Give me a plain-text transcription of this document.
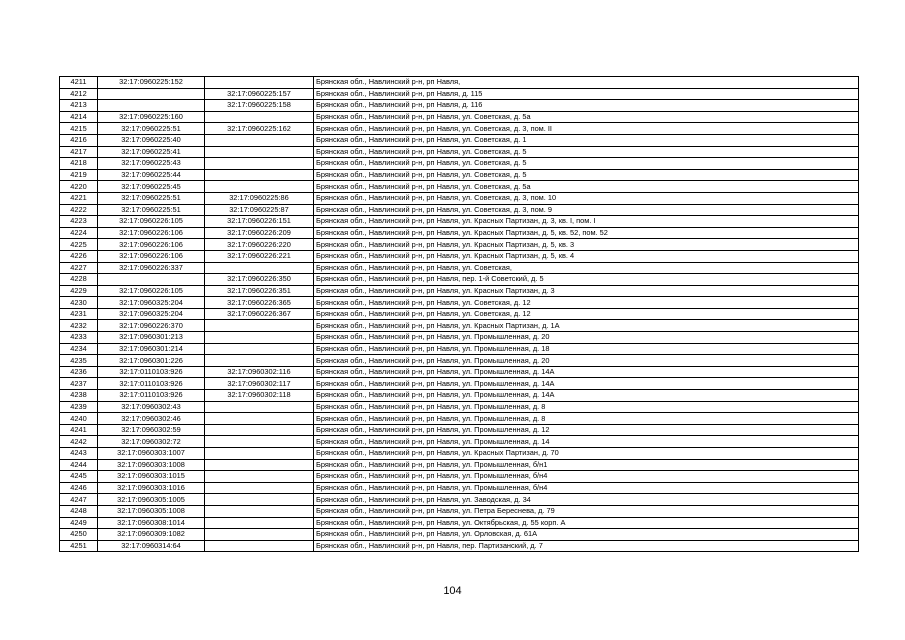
4211	32:17:0960225:152		Брянская обл., Навлинский р-н, рп Навля,
4212		32:17:0960225:157	Брянская обл., Навлинский р-н, рп Навля, д. 115
4213		32:17:0960225:158	Брянская обл., Навлинский р-н, рп Навля, д. 116
4214	32:17:0960225:160		Брянская обл., Навлинский р-н, рп Навля, ул. Советская, д. 5а
4215	32:17:0960225:51	32:17:0960225:162	Брянская обл., Навлинский р-н, рп Навля, ул. Советская, д. 3, пом. II
4216	32:17:0960225:40		Брянская обл., Навлинский р-н, рп Навля, ул. Советская, д. 1
4217	32:17:0960225:41		Брянская обл., Навлинский р-н, рп Навля, ул. Советская, д. 5
4218	32:17:0960225:43		Брянская обл., Навлинский р-н, рп Навля, ул. Советская, д. 5
4219	32:17:0960225:44		Брянская обл., Навлинский р-н, рп Навля, ул. Советская, д. 5
4220	32:17:0960225:45		Брянская обл., Навлинский р-н, рп Навля, ул. Советская, д. 5а
4221	32:17:0960225:51	32:17:0960225:86	Брянская обл., Навлинский р-н, рп Навля, ул. Советская, д. 3, пом. 10
4222	32:17:0960225:51	32:17:0960225:87	Брянская обл., Навлинский р-н, рп Навля, ул. Советская, д. 3, пом. 9
4223	32:17:0960226:105	32:17:0960226:151	Брянская обл., Навлинский р-н, рп Навля, ул. Красных Партизан, д. 3, кв. I, пом. I
4224	32:17:0960226:106	32:17:0960226:209	Брянская обл., Навлинский р-н, рп Навля, ул. Красных Партизан, д. 5, кв. 52, пом. 52
4225	32:17:0960226:106	32:17:0960226:220	Брянская обл., Навлинский р-н, рп Навля, ул. Красных Партизан, д. 5, кв. 3
4226	32:17:0960226:106	32:17:0960226:221	Брянская обл., Навлинский р-н, рп Навля, ул. Красных Партизан, д. 5, кв. 4
4227	32:17:0960226:337		Брянская обл., Навлинский р-н, рп Навля, ул. Советская,
4228		32:17:0960226:350	Брянская обл., Навлинский р-н, рп Навля, пер. 1-й Советский, д. 5
4229	32:17:0960226:105	32:17:0960226:351	Брянская обл., Навлинский р-н, рп Навля, ул. Красных Партизан, д. 3
4230	32:17:0960325:204	32:17:0960226:365	Брянская обл., Навлинский р-н, рп Навля, ул. Советская, д. 12
4231	32:17:0960325:204	32:17:0960226:367	Брянская обл., Навлинский р-н, рп Навля, ул. Советская, д. 12
4232	32:17:0960226:370		Брянская обл., Навлинский р-н, рп Навля, ул. Красных Партизан, д. 1А
4233	32:17:0960301:213		Брянская обл., Навлинский р-н, рп Навля, ул. Промышленная, д. 20
4234	32:17:0960301:214		Брянская обл., Навлинский р-н, рп Навля, ул. Промышленная, д. 18
4235	32:17:0960301:226		Брянская обл., Навлинский р-н, рп Навля, ул. Промышленная, д. 20
4236	32:17:0110103:926	32:17:0960302:116	Брянская обл., Навлинский р-н, рп Навля, ул. Промышленная, д. 14А
4237	32:17:0110103:926	32:17:0960302:117	Брянская обл., Навлинский р-н, рп Навля, ул. Промышленная, д. 14А
4238	32:17:0110103:926	32:17:0960302:118	Брянская обл., Навлинский р-н, рп Навля, ул. Промышленная, д. 14А
4239	32:17:0960302:43		Брянская обл., Навлинский р-н, рп Навля, ул. Промышленная, д. 8
4240	32:17:0960302:46		Брянская обл., Навлинский р-н, рп Навля, ул. Промышленная, д. 8
4241	32:17:0960302:59		Брянская обл., Навлинский р-н, рп Навля, ул. Промышленная, д. 12
4242	32:17:0960302:72		Брянская обл., Навлинский р-н, рп Навля, ул. Промышленная, д. 14
4243	32:17:0960303:1007		Брянская обл., Навлинский р-н, рп Навля, ул. Красных Партизан, д. 70
4244	32:17:0960303:1008		Брянская обл., Навлинский р-н, рп Навля, ул. Промышленная, б/н1
4245	32:17:0960303:1015		Брянская обл., Навлинский р-н, рп Навля, ул. Промышленная, б/н4
4246	32:17:0960303:1016		Брянская обл., Навлинский р-н, рп Навля, ул. Промышленная, б/н4
4247	32:17:0960305:1005		Брянская обл., Навлинский р-н, рп Навля, ул. Заводская, д. 34
4248	32:17:0960305:1008		Брянская обл., Навлинский р-н, рп Навля, ул. Петра Береснева, д. 79
4249	32:17:0960308:1014		Брянская обл., Навлинский р-н, рп Навля, ул. Октябрьская, д. 55 корп. А
4250	32:17:0960309:1082		Брянская обл., Навлинский р-н, рп Навля, ул. Орловская, д. 61А
4251	32:17:0960314:64		Брянская обл., Навлинский р-н, рп Навля, пер. Партизанский, д. 7
104
